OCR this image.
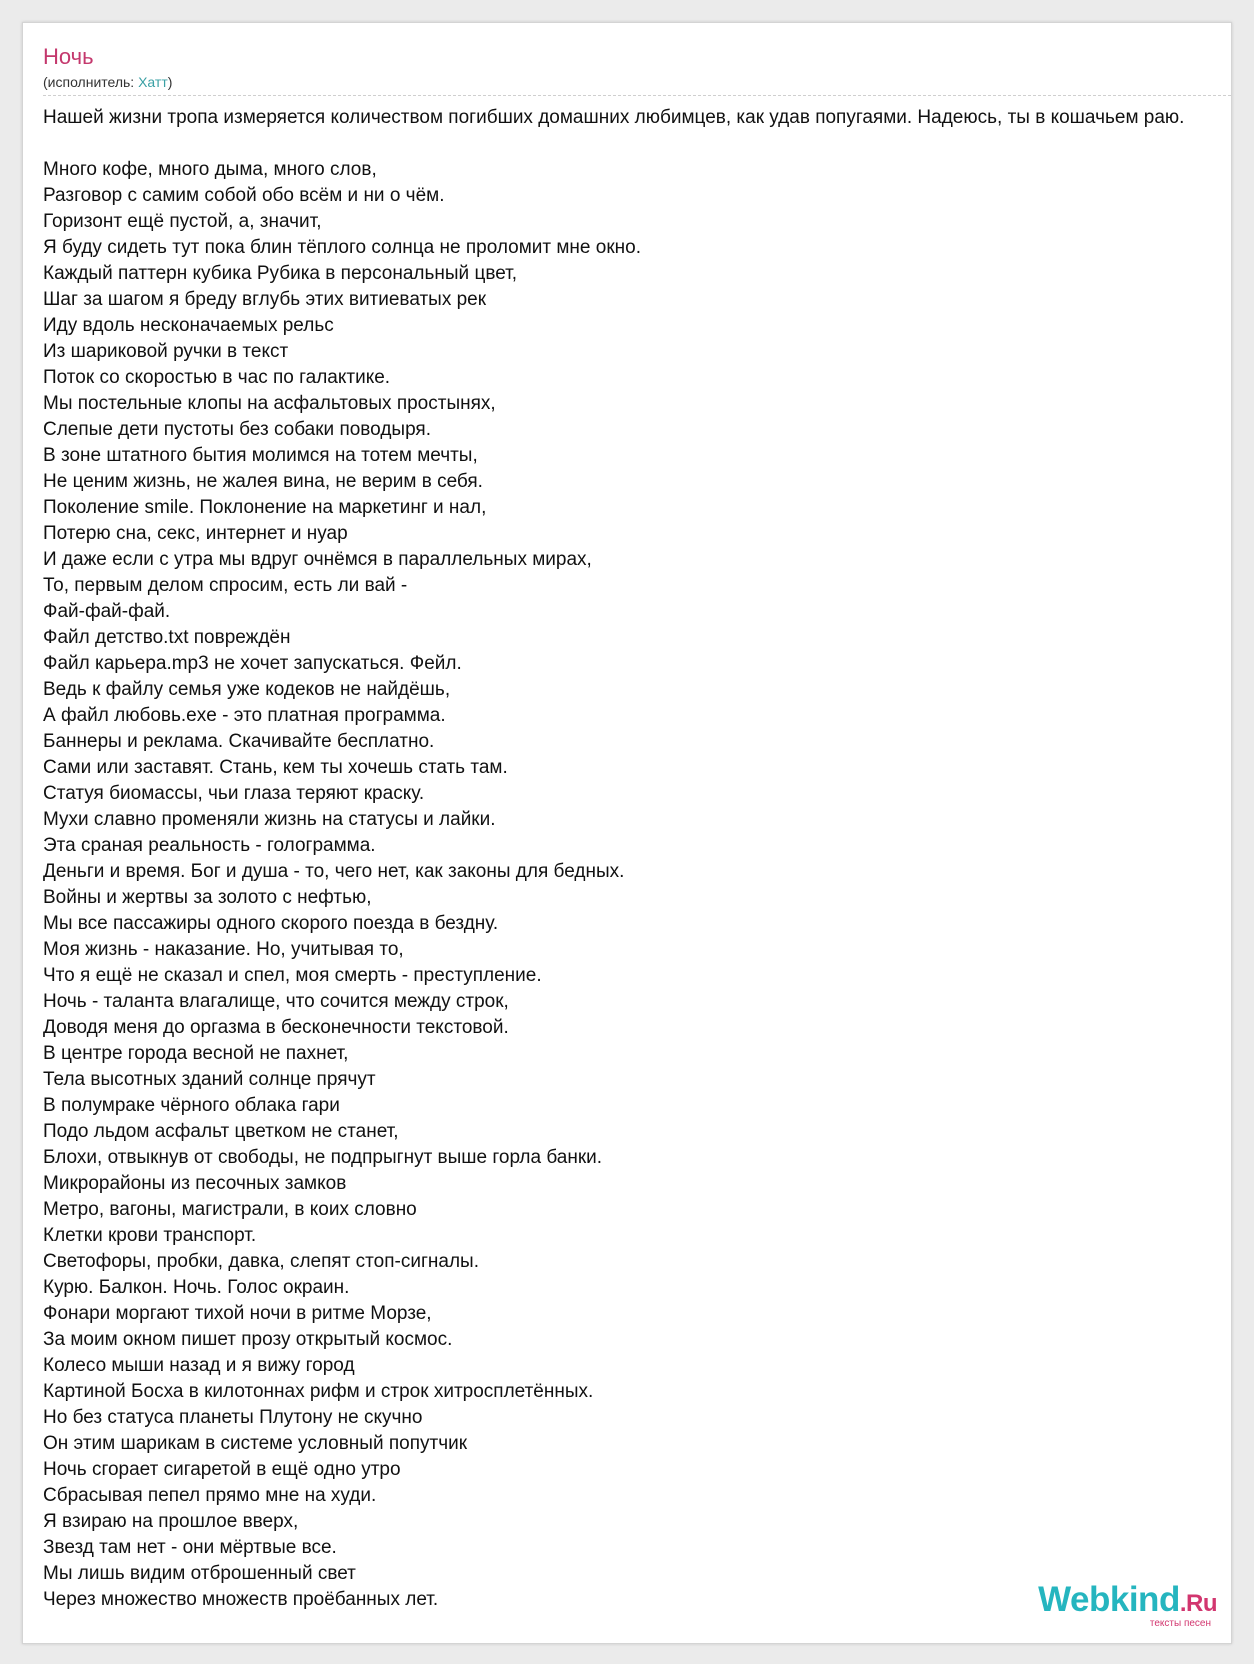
Ночь
(исполнитель: Хатт)
Нашей жизни тропа измеряется количеством погибших домашних любимцев, как удав попугаями. Надеюсь, ты в кошачьем раю.
Много кофе, много дыма, много слов,
Разговор с самим собой обо всём и ни о чём.
Горизонт ещё пустой, а, значит,
Я буду сидеть тут пока блин тёплого солнца не проломит мне окно.
Каждый паттерн кубика Рубика в персональный цвет,
Шаг за шагом я бреду вглубь этих витиеватых рек
Иду вдоль несконачаемых рельс
Из шариковой ручки в текст
Поток со скоростью в час по галактике.
Мы постельные клопы на асфальтовых простынях,
Слепые дети пустоты без собаки поводыря.
В зоне штатного бытия молимся на тотем мечты,
Не ценим жизнь, не жалея вина, не верим в себя.
Поколение smile. Поклонение на маркетинг и нал,
Потерю сна, секс, интернет и нуар
И даже если с утра мы вдруг очнёмся в параллельных мирах,
То, первым делом спросим, есть ли вай -
Фай-фай-фай.
Файл детство.txt повреждён
Файл карьера.mp3 не хочет запускаться. Фейл.
Ведь к файлу семья уже кодеков не найдёшь,
А файл любовь.exe - это платная программа.
Баннеры и реклама. Скачивайте бесплатно.
Сами или заставят. Стань, кем ты хочешь стать там.
Статуя биомассы, чьи глаза теряют краску.
Мухи славно променяли жизнь на статусы и лайки.
Эта сраная реальность - голограмма.
Деньги и время. Бог и душа - то, чего нет, как законы для бедных.
Войны и жертвы за золото с нефтью,
Мы все пассажиры одного скорого поезда в бездну.
Моя жизнь - наказание. Но, учитывая то,
Что я ещё не сказал и спел, моя смерть - преступление.
Ночь - таланта влагалище, что сочится между строк,
Доводя меня до оргазма в бесконечности текстовой.
В центре города весной не пахнет,
Тела высотных зданий солнце прячут
В полумраке чёрного облака гари
Подо льдом асфальт цветком не станет,
Блохи, отвыкнув от свободы, не подпрыгнут выше горла банки.
Микрорайоны из песочных замков
Метро, вагоны, магистрали, в коих словно
Клетки крови транспорт.
Светофоры, пробки, давка, слепят стоп-сигналы.
Курю. Балкон. Ночь. Голос окраин.
Фонари моргают тихой ночи в ритме Морзе,
За моим окном пишет прозу открытый космос.
Колесо мыши назад и я вижу город
Картиной Босха в килотоннах рифм и строк хитросплетённых.
Но без статуса планеты Плутону не скучно
Он этим шарикам в системе условный попутчик
Ночь сгорает сигаретой в ещё одно утро
Сбрасывая пепел прямо мне на худи.
Я взираю на прошлое вверх,
Звезд там нет - они мёртвые все.
Мы лишь видим отброшенный свет
Через множество множеств проёбанных лет.	Webkind.Ru
тексты песен
